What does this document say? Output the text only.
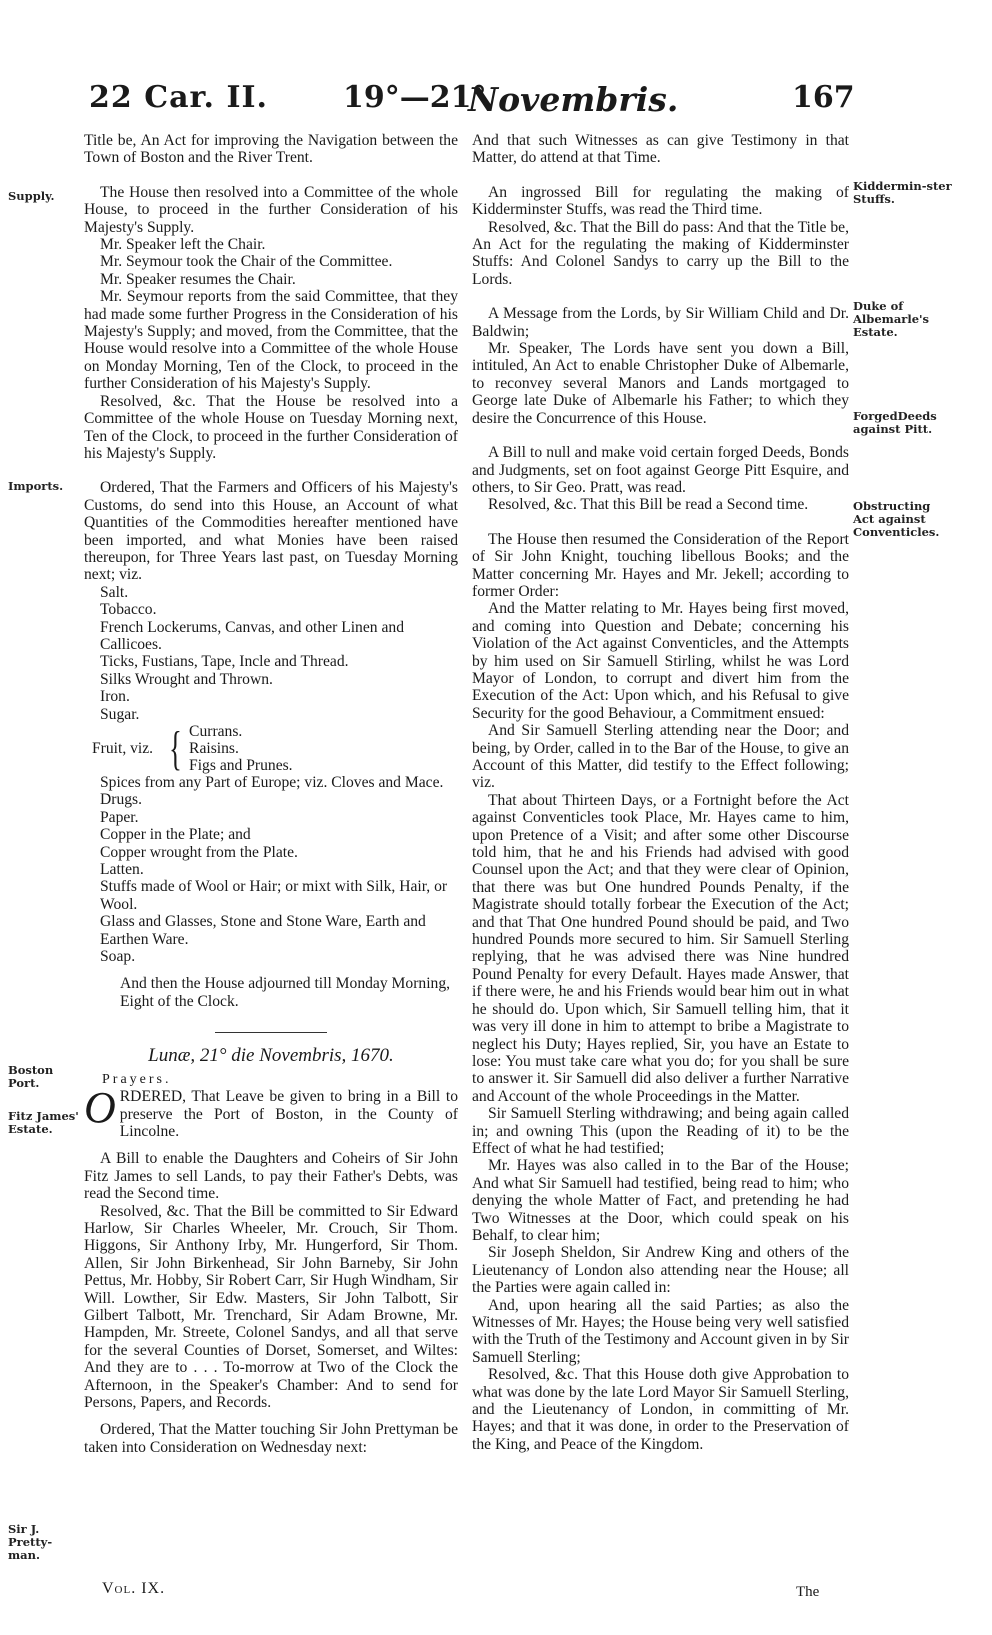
22 Car. II.	19°—21°
Novembris.	167
Supply.
Imports.
Boston Port.
Fitz James' Estate.
Sir J. Pretty-man.
Kiddermin-ster Stuffs.
Duke of Albemarle's Estate.
ForgedDeeds against Pitt.
Obstructing Act against Conventicles.

Title be, An Act for improving the Navigation between the Town of Boston and the River Trent.

The House then resolved into a Committee of the whole House, to proceed in the further Consideration of his Majesty's Supply.

Mr. Speaker left the Chair.

Mr. Seymour took the Chair of the Committee.

Mr. Speaker resumes the Chair.

Mr. Seymour reports from the said Committee, that they had made some further Progress in the Consideration of his Majesty's Supply; and moved, from the Committee, that the House would resolve into a Committee of the whole House on Monday Morning, Ten of the Clock, to proceed in the further Consideration of his Majesty's Supply.

Resolved, &c. That the House be resolved into a Committee of the whole House on Tuesday Morning next, Ten of the Clock, to proceed in the further Consideration of his Majesty's Supply.

Ordered, That the Farmers and Officers of his Majesty's Customs, do send into this House, an Account of what Quantities of the Commodities hereafter mentioned have been imported, and what Monies have been raised thereupon, for Three Years last past, on Tuesday Morning next; viz.

Salt.
Tobacco.
French Lockerums, Canvas, and other Linen and Callicoes.
Ticks, Fustians, Tape, Incle and Thread.
Silks Wrought and Thrown.
Iron.
Sugar.
Fruit, viz. { Currans.
Raisins.
Figs and Prunes.
Spices from any Part of Europe; viz. Cloves and Mace.
Drugs.
Paper.
Copper in the Plate; and
Copper wrought from the Plate.
Latten.
Stuffs made of Wool or Hair; or mixt with Silk, Hair, or Wool.
Glass and Glasses, Stone and Stone Ware, Earth and Earthen Ware.
Soap.

And then the House adjourned till Monday Morning, Eight of the Clock.

Lunæ, 21° die Novembris, 1670.
Prayers.

ORDERED, That Leave be given to bring in a Bill to preserve the Port of Boston, in the County of Lincolne.

A Bill to enable the Daughters and Coheirs of Sir John Fitz James to sell Lands, to pay their Father's Debts, was read the Second time.

Resolved, &c. That the Bill be committed to Sir Edward Harlow, Sir Charles Wheeler, Mr. Crouch, Sir Thom. Higgons, Sir Anthony Irby, Mr. Hungerford, Sir Thom. Allen, Sir John Birkenhead, Sir John Barneby, Sir John Pettus, Mr. Hobby, Sir Robert Carr, Sir Hugh Windham, Sir Will. Lowther, Sir Edw. Masters, Sir John Talbott, Sir Gilbert Talbott, Mr. Trenchard, Sir Adam Browne, Mr. Hampden, Mr. Streete, Colonel Sandys, and all that serve for the several Counties of Dorset, Somerset, and Wiltes: And they are to . . . To-morrow at Two of the Clock the Afternoon, in the Speaker's Chamber: And to send for Persons, Papers, and Records.

Ordered, That the Matter touching Sir John Prettyman be taken into Consideration on Wednesday next:

Vol. IX.

And that such Witnesses as can give Testimony in that Matter, do attend at that Time.

An ingrossed Bill for regulating the making of Kidderminster Stuffs, was read the Third time.

Resolved, &c. That the Bill do pass: And that the Title be, An Act for the regulating the making of Kidderminster Stuffs: And Colonel Sandys to carry up the Bill to the Lords.

A Message from the Lords, by Sir William Child and Dr. Baldwin;

Mr. Speaker, The Lords have sent you down a Bill, intituled, An Act to enable Christopher Duke of Albemarle, to reconvey several Manors and Lands mortgaged to George late Duke of Albemarle his Father; to which they desire the Concurrence of this House.

A Bill to null and make void certain forged Deeds, Bonds and Judgments, set on foot against George Pitt Esquire, and others, to Sir Geo. Pratt, was read.

Resolved, &c. That this Bill be read a Second time.

The House then resumed the Consideration of the Report of Sir John Knight, touching libellous Books; and the Matter concerning Mr. Hayes and Mr. Jekell; according to former Order:

And the Matter relating to Mr. Hayes being first moved, and coming into Question and Debate; concerning his Violation of the Act against Conventicles, and the Attempts by him used on Sir Samuell Stirling, whilst he was Lord Mayor of London, to corrupt and divert him from the Execution of the Act: Upon which, and his Refusal to give Security for the good Behaviour, a Commitment ensued:

And Sir Samuell Sterling attending near the Door; and being, by Order, called in to the Bar of the House, to give an Account of this Matter, did testify to the Effect following; viz.

That about Thirteen Days, or a Fortnight before the Act against Conventicles took Place, Mr. Hayes came to him, upon Pretence of a Visit; and after some other Discourse told him, that he and his Friends had advised with good Counsel upon the Act; and that they were clear of Opinion, that there was but One hundred Pounds Penalty, if the Magistrate should totally forbear the Execution of the Act; and that That One hundred Pound should be paid, and Two hundred Pounds more secured to him. Sir Samuell Sterling replying, that he was advised there was Nine hundred Pound Penalty for every Default. Hayes made Answer, that if there were, he and his Friends would bear him out in what he should do. Upon which, Sir Samuell telling him, that it was very ill done in him to attempt to bribe a Magistrate to neglect his Duty; Hayes replied, Sir, you have an Estate to lose: You must take care what you do; for you shall be sure to answer it. Sir Samuell did also deliver a further Narrative and Account of the whole Proceedings in the Matter.

Sir Samuell Sterling withdrawing; and being again called in; and owning This (upon the Reading of it) to be the Effect of what he had testified;

Mr. Hayes was also called in to the Bar of the House; And what Sir Samuell had testified, being read to him; who denying the whole Matter of Fact, and pretending he had Two Witnesses at the Door, which could speak on his Behalf, to clear him;

Sir Joseph Sheldon, Sir Andrew King and others of the Lieutenancy of London also attending near the House; all the Parties were again called in:

And, upon hearing all the said Parties; as also the Witnesses of Mr. Hayes; the House being very well satisfied with the Truth of the Testimony and Account given in by Sir Samuell Sterling;

Resolved, &c. That this House doth give Approbation to what was done by the late Lord Mayor Sir Samuell Sterling, and the Lieutenancy of London, in committing of Mr. Hayes; and that it was done, in order to the Preservation of the King, and Peace of the Kingdom.

The
